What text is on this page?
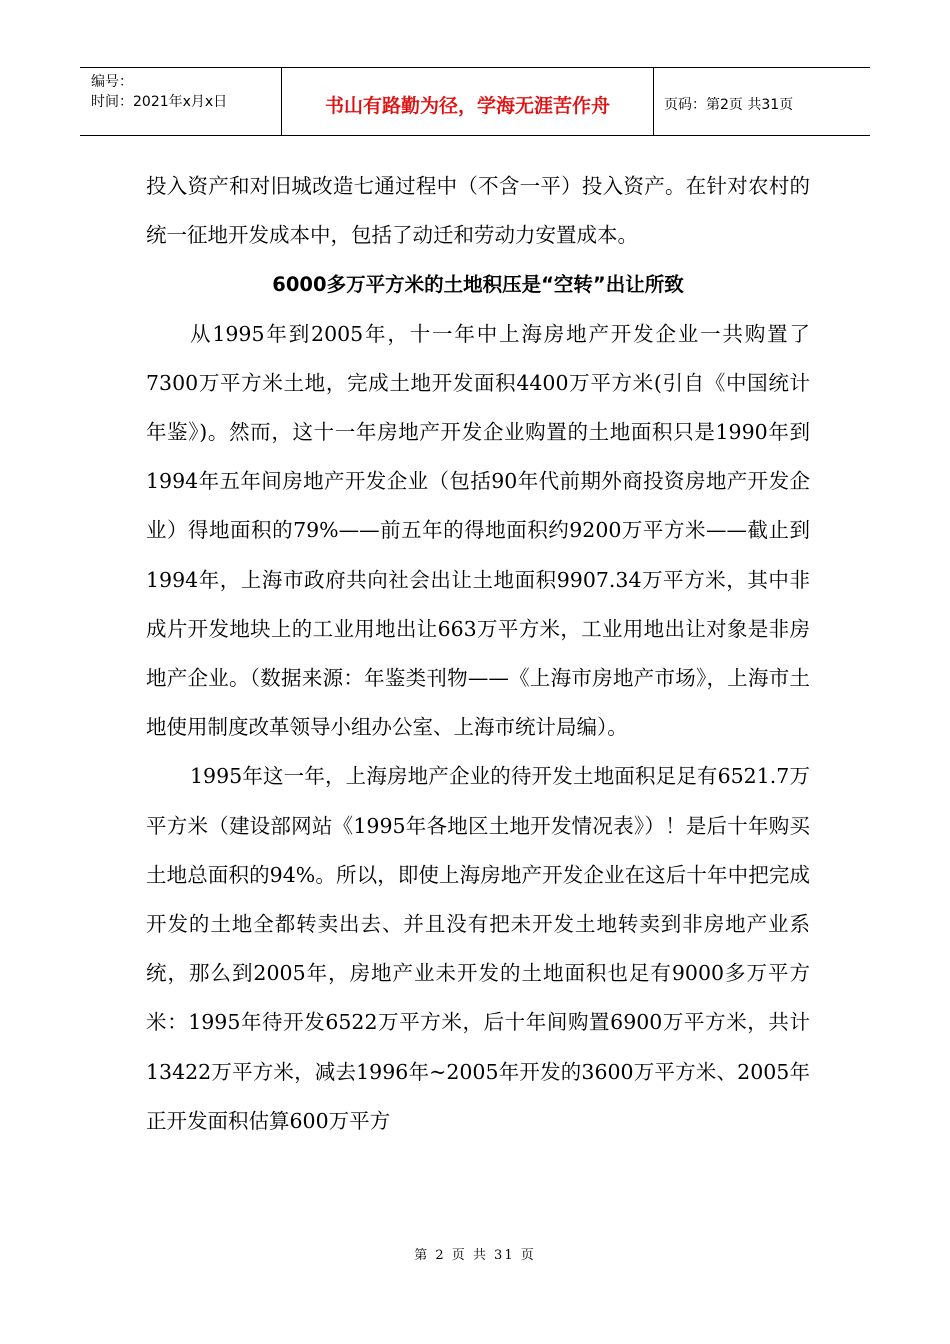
编号：
时间：2021年x月x日	书山有路勤为径，学海无涯苦作舟	页码：第2页 共31页

投入资产和对旧城改造七通过程中（不含一平）投入资产。在针对农村的统一征地开发成本中，包括了动迁和劳动力安置成本。

6000多万平方米的土地积压是“空转”出让所致

从1995年到2005年，十一年中上海房地产开发企业一共购置了7300万平方米土地，完成土地开发面积4400万平方米(引自《中国统计年鉴》)。然而，这十一年房地产开发企业购置的土地面积只是1990年到1994年五年间房地产开发企业（包括90年代前期外商投资房地产开发企业）得地面积的79%——前五年的得地面积约9200万平方米——截止到1994年，上海市政府共向社会出让土地面积9907.34万平方米，其中非成片开发地块上的工业用地出让663万平方米，工业用地出让对象是非房地产企业。（数据来源：年鉴类刊物——《上海市房地产市场》，上海市土地使用制度改革领导小组办公室、上海市统计局编）。

1995年这一年，上海房地产企业的待开发土地面积足足有6521.7万平方米（建设部网站《1995年各地区土地开发情况表》）！是后十年购买土地总面积的94%。所以，即使上海房地产开发企业在这后十年中把完成开发的土地全都转卖出去、并且没有把未开发土地转卖到非房地产业系统，那么到2005年，房地产业未开发的土地面积也足有9000多万平方米：1995年待开发6522万平方米，后十年间购置6900万平方米，共计13422万平方米，减去1996年~2005年开发的3600万平方米、2005年正开发面积估算600万平方

第 2 页 共 31 页
